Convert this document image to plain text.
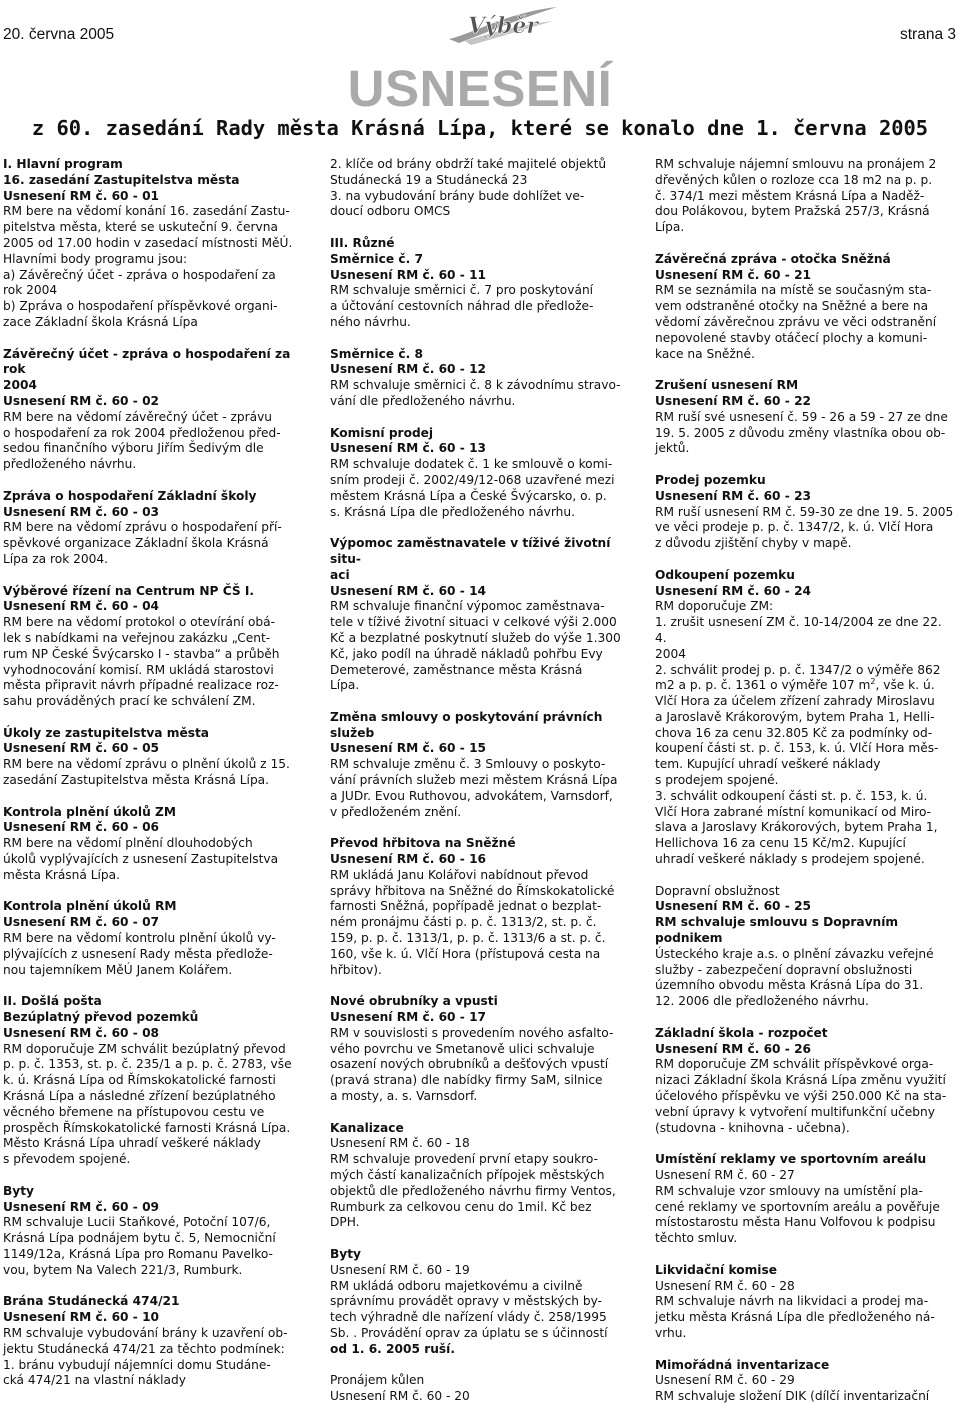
20. června 2005	Výběr	strana 3
USNESENÍ
z 60. zasedání Rady města Krásná Lípa, které se konalo dne 1. června 2005

I. Hlavní program

16. zasedání Zastupitelstva města

Usnesení RM č. 60 - 01

RM bere na vědomí konání 16. zasedání Zastu-

pitelstva města, které se uskuteční 9. června

2005 od 17.00 hodin v zasedací místnosti MěÚ.

Hlavními body programu jsou:

a) Závěrečný účet - zpráva o hospodaření za

rok 2004

b) Zpráva o hospodaření příspěvkové organi-

zace Základní škola Krásná Lípa

Závěrečný účet - zpráva o hospodaření za rok

2004

Usnesení RM č. 60 - 02

RM bere na vědomí závěrečný účet - zprávu

o hospodaření za rok 2004 předloženou před-

sedou finančního výboru Jiřím Šedivým dle

předloženého návrhu.

Zpráva o hospodaření Základní školy

Usnesení RM č. 60 - 03

RM bere na vědomí zprávu o hospodaření pří-

spěvkové organizace Základní škola Krásná

Lípa za rok 2004.

Výběrové řízení na Centrum NP ČŠ I.

Usnesení RM č. 60 - 04

RM bere na vědomí protokol o otevírání obá-

lek s nabídkami na veřejnou zakázku „Cent-

rum NP České Švýcarsko I - stavba“ a průběh

vyhodnocování komisí. RM ukládá starostovi

města připravit návrh případné realizace roz-

sahu prováděných prací ke schválení ZM.

Úkoly ze zastupitelstva města

Usnesení RM č. 60 - 05

RM bere na vědomí zprávu o plnění úkolů z 15.

zasedání Zastupitelstva města Krásná Lípa.

Kontrola plnění úkolů ZM

Usnesení RM č. 60 - 06

RM bere na vědomí plnění dlouhodobých

úkolů vyplývajících z usnesení Zastupitelstva

města Krásná Lípa.

Kontrola plnění úkolů RM

Usnesení RM č. 60 - 07

RM bere na vědomí kontrolu plnění úkolů vy-

plývajících z usnesení Rady města předlože-

nou tajemníkem MěÚ Janem Kolářem.

II. Došlá pošta

Bezúplatný převod pozemků

Usnesení RM č. 60 - 08

RM doporučuje ZM schválit bezúplatný převod

p. p. č. 1353, st. p. č. 235/1 a p. p. č. 2783, vše

k. ú. Krásná Lípa od Římskokatolické farnosti

Krásná Lípa a následné zřízení bezúplatného

věcného břemene na přístupovou cestu ve

prospěch Římskokatolické farnosti Krásná Lípa.

Město Krásná Lípa uhradí veškeré náklady

s převodem spojené.

Byty

Usnesení RM č. 60 - 09

RM schvaluje Lucii Staňkové, Potoční 107/6,

Krásná Lípa podnájem bytu č. 5, Nemocniční

1149/12a, Krásná Lípa pro Romanu Pavelko-

vou, bytem Na Valech 221/3, Rumburk.

Brána Studánecká 474/21

Usnesení RM č. 60 - 10

RM schvaluje vybudování brány k uzavření ob-

jektu Studánecká 474/21 za těchto podmínek:

1. bránu vybudují nájemníci domu Studáne-

cká 474/21 na vlastní náklady

2. klíče od brány obdrží také majitelé objektů

Studánecká 19 a Studánecká 23

3. na vybudování brány bude dohlížet ve-

doucí odboru OMCS

III. Různé

Směrnice č. 7

Usnesení RM č. 60 - 11

RM schvaluje směrnici č. 7 pro poskytování

a účtování cestovních náhrad dle předlože-

ného návrhu.

Směrnice č. 8

Usnesení RM č. 60 - 12

RM schvaluje směrnici č. 8 k závodnímu stravo-

vání dle předloženého návrhu.

Komisní prodej

Usnesení RM č. 60 - 13

RM schvaluje dodatek č. 1 ke smlouvě o komi-

sním prodeji č. 2002/49/12-068 uzavřené mezi

městem Krásná Lípa a České Švýcarsko, o. p.

s. Krásná Lípa dle předloženého návrhu.

Výpomoc zaměstnavatele v tíživé životní situ-

aci

Usnesení RM č. 60 - 14

RM schvaluje finanční výpomoc zaměstnava-

tele v tíživé životní situaci v celkové výši 2.000

Kč a bezplatné poskytnutí služeb do výše 1.300

Kč, jako podíl na úhradě nákladů pohřbu Evy

Demeterové, zaměstnance města Krásná

Lípa.

Změna smlouvy o poskytování právních služeb

Usnesení RM č. 60 - 15

RM schvaluje změnu č. 3 Smlouvy o poskyto-

vání právních služeb mezi městem Krásná Lípa

a JUDr. Evou Ruthovou, advokátem, Varnsdorf,

v předloženém znění.

Převod hřbitova na Sněžné

Usnesení RM č. 60 - 16

RM ukládá Janu Kolářovi nabídnout převod

správy hřbitova na Sněžné do Římskokatolické

farnosti Sněžná, popřípadě jednat o bezplat-

ném pronájmu části p. p. č. 1313/2, st. p. č.

159, p. p. č. 1313/1, p. p. č. 1313/6 a st. p. č.

160, vše k. ú. Vlčí Hora (přístupová cesta na

hřbitov).

Nové obrubníky a vpusti

Usnesení RM č. 60 - 17

RM v souvislosti s provedením nového asfalto-

vého povrchu ve Smetanově ulici schvaluje

osazení nových obrubníků a dešťových vpustí

(pravá strana) dle nabídky firmy SaM, silnice

a mosty, a. s. Varnsdorf.

Kanalizace

Usnesení RM č. 60 - 18

RM schvaluje provedení první etapy soukro-

mých částí kanalizačních přípojek městských

objektů dle předloženého návrhu firmy Ventos,

Rumburk za celkovou cenu do 1mil. Kč bez

DPH.

Byty

Usnesení RM č. 60 - 19

RM ukládá odboru majetkovému a civilně

správnímu provádět opravy v městských by-

tech výhradně dle nařízení vlády č. 258/1995

Sb. . Provádění oprav za úplatu se s účinností

od 1. 6. 2005 ruší.

Pronájem kůlen

Usnesení RM č. 60 - 20

RM schvaluje nájemní smlouvu na pronájem 2

dřevěných kůlen o rozloze cca 18 m2 na p. p.

č. 374/1 mezi městem Krásná Lípa a Naděž-

dou Polákovou, bytem Pražská 257/3, Krásná

Lípa.

Závěrečná zpráva - otočka Sněžná

Usnesení RM č. 60 - 21

RM se seznámila na místě se současným sta-

vem odstraněné otočky na Sněžné a bere na

vědomí závěrečnou zprávu ve věci odstranění

nepovolené stavby otáčecí plochy a komuni-

kace na Sněžné.

Zrušení usnesení RM

Usnesení RM č. 60 - 22

RM ruší své usnesení č. 59 - 26 a 59 - 27 ze dne

19. 5. 2005 z důvodu změny vlastníka obou ob-

jektů.

Prodej pozemku

Usnesení RM č. 60 - 23

RM ruší usnesení RM č. 59-30 ze dne 19. 5. 2005

ve věci prodeje p. p. č. 1347/2, k. ú. Vlčí Hora

z důvodu zjištění chyby v mapě.

Odkoupení pozemku

Usnesení RM č. 60 - 24

RM doporučuje ZM:

1. zrušit usnesení ZM č. 10-14/2004 ze dne 22. 4.

2004

2. schválit prodej p. p. č. 1347/2 o výměře 862

m2 a p. p. č. 1361 o výměře 107 $m^2$, vše k. ú.

Vlčí Hora za účelem zřízení zahrady Miroslavu

a Jaroslavě Krákorovým, bytem Praha 1, Helli-

chova 16 za cenu 32.805 Kč za podmínky od-

koupení části st. p. č. 153, k. ú. Vlčí Hora měs-

tem. Kupující uhradí veškeré náklady

s prodejem spojené.

3. schválit odkoupení části st. p. č. 153, k. ú.

Vlčí Hora zabrané místní komunikací od Miro-

slava a Jaroslavy Krákorových, bytem Praha 1,

Hellichova 16 za cenu 15 Kč/m2. Kupující

uhradí veškeré náklady s prodejem spojené.

Dopravní obslužnost

Usnesení RM č. 60 - 25

RM schvaluje smlouvu s Dopravním podnikem

Ústeckého kraje a.s. o plnění závazku veřejné

služby - zabezpečení dopravní obslužnosti

územního obvodu města Krásná Lípa do 31.

12. 2006 dle předloženého návrhu.

Základní škola - rozpočet

Usnesení RM č. 60 - 26

RM doporučuje ZM schválit příspěvkové orga-

nizaci Základní škola Krásná Lípa změnu využití

účelového příspěvku ve výši 250.000 Kč na sta-

vební úpravy k vytvoření multifunkční učebny

(studovna - knihovna - učebna).

Umístění reklamy ve sportovním areálu

Usnesení RM č. 60 - 27

RM schvaluje vzor smlouvy na umístění pla-

cené reklamy ve sportovním areálu a pověřuje

místostarostu města Hanu Volfovou k podpisu

těchto smluv.

Likvidační komise

Usnesení RM č. 60 - 28

RM schvaluje návrh na likvidaci a prodej ma-

jetku města Krásná Lípa dle předloženého ná-

vrhu.

Mimořádná inventarizace

Usnesení RM č. 60 - 29

RM schvaluje složení DIK (dílčí inventarizační
